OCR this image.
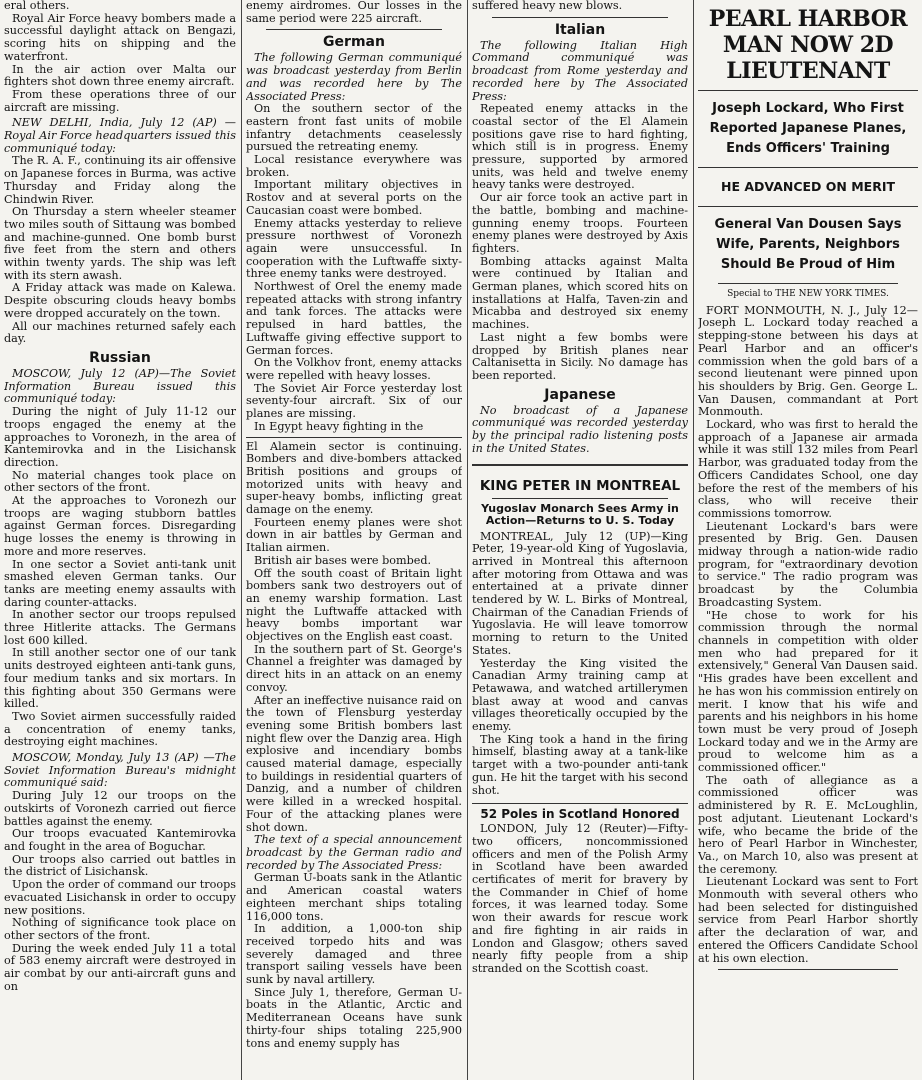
eral others.

Royal Air Force heavy bombers made a successful daylight attack on Bengazi, scoring hits on shipping and the waterfront.

In the air action over Malta our fighters shot down three enemy aircraft.

From these operations three of our aircraft are missing.

NEW DELHI, India, July 12 (AP) —Royal Air Force headquarters issued this communiqué today:

The R. A. F., continuing its air offensive on Japanese forces in Burma, was active Thursday and Friday along the Chindwin River.

On Thursday a stern wheeler steamer two miles south of Sittaung was bombed and machine-gunned. One bomb burst five feet from the stern and others within twenty yards. The ship was left with its stern awash.

A Friday attack was made on Kalewa. Despite obscuring clouds heavy bombs were dropped accurately on the town.

All our machines returned safely each day.

Russian

MOSCOW, July 12 (AP)—The Soviet Information Bureau issued this communiqué today:

During the night of July 11-12 our troops engaged the enemy at the approaches to Voronezh, in the area of Kantemirovka and in the Lisichansk direction.

No material changes took place on other sectors of the front.

At the approaches to Voronezh our troops are waging stubborn battles against German forces. Disregarding huge losses the enemy is throwing in more and more reserves.

In one sector a Soviet anti-tank unit smashed eleven German tanks. Our tanks are meeting enemy assaults with daring counter-attacks.

In another sector our troops repulsed three Hitlerite attacks. The Germans lost 600 killed.

In still another sector one of our tank units destroyed eighteen anti-tank guns, four medium tanks and six mortars. In this fighting about 350 Germans were killed.

Two Soviet airmen successfully raided a concentration of enemy tanks, destroying eight machines.

MOSCOW, Monday, July 13 (AP) —The Soviet Information Bureau's midnight communiqué said:

During July 12 our troops on the outskirts of Voronezh carried out fierce battles against the enemy.

Our troops evacuated Kantemirovka and fought in the area of Boguchar.

Our troops also carried out battles in the district of Lisichansk.

Upon the order of command our troops evacuated Lisichansk in order to occupy new positions.

Nothing of significance took place on other sectors of the front.

During the week ended July 11 a total of 583 enemy aircraft were destroyed in air combat by our anti-aircraft guns and on

enemy airdromes. Our losses in the same period were 225 aircraft.

German

The following German communiqué was broadcast yesterday from Berlin and was recorded here by The Associated Press:

On the southern sector of the eastern front fast units of mobile infantry detachments ceaselessly pursued the retreating enemy.

Local resistance everywhere was broken.

Important military objectives in Rostov and at several ports on the Caucasian coast were bombed.

Enemy attacks yesterday to relieve pressure northwest of Voronezh again were unsuccessful. In cooperation with the Luftwaffe sixty-three enemy tanks were destroyed.

Northwest of Orel the enemy made repeated attacks with strong infantry and tank forces. The attacks were repulsed in hard battles, the Luftwaffe giving effective support to German forces.

On the Volkhov front, enemy attacks were repelled with heavy losses.

The Soviet Air Force yesterday lost seventy-four aircraft. Six of our planes are missing.

In Egypt heavy fighting in the

El Alamein sector is continuing. Bombers and dive-bombers attacked British positions and groups of motorized units with heavy and super-heavy bombs, inflicting great damage on the enemy.

Fourteen enemy planes were shot down in air battles by German and Italian airmen.

British air bases were bombed.

Off the south coast of Britain light bombers sank two destroyers out of an enemy warship formation. Last night the Luftwaffe attacked with heavy bombs important war objectives on the English east coast.

In the southern part of St. George's Channel a freighter was damaged by direct hits in an attack on an enemy convoy.

After an ineffective nuisance raid on the town of Flensburg yesterday evening some British bombers last night flew over the Danzig area. High explosive and incendiary bombs caused material damage, especially to buildings in residential quarters of Danzig, and a number of children were killed in a wrecked hospital. Four of the attacking planes were shot down.

The text of a special announcement broadcast by the German radio and recorded by The Associated Press:

German U-boats sank in the Atlantic and American coastal waters eighteen merchant ships totaling 116,000 tons.

In addition, a 1,000-ton ship received torpedo hits and was severely damaged and three transport sailing vessels have been sunk by naval artillery.

Since July 1, therefore, German U-boats in the Atlantic, Arctic and Mediterranean Oceans have sunk thirty-four ships totaling 225,900 tons and enemy supply has

suffered heavy new blows.

Italian

The following Italian High Command communiqué was broadcast from Rome yesterday and recorded here by The Associated Press:

Repeated enemy attacks in the coastal sector of the El Alamein positions gave rise to hard fighting, which still is in progress. Enemy pressure, supported by armored units, was held and twelve enemy heavy tanks were destroyed.

Our air force took an active part in the battle, bombing and machine-gunning enemy troops. Fourteen enemy planes were destroyed by Axis fighters.

Bombing attacks against Malta were continued by Italian and German planes, which scored hits on installations at Halfa, Taven-zin and Micabba and destroyed six enemy machines.

Last night a few bombs were dropped by British planes near Caltanisetta in Sicily. No damage has been reported.

Japanese

No broadcast of a Japanese communiqué was recorded yesterday by the principal radio listening posts in the United States.

KING PETER IN MONTREAL

Yugoslav Monarch Sees Army in Action—Returns to U. S. Today

MONTREAL, July 12 (UP)—King Peter, 19-year-old King of Yugoslavia, arrived in Montreal this afternoon after motoring from Ottawa and was entertained at a private dinner tendered by W. L. Birks of Montreal, Chairman of the Canadian Friends of Yugoslavia. He will leave tomorrow morning to return to the United States.

Yesterday the King visited the Canadian Army training camp at Petawawa, and watched artillerymen blast away at wood and canvas villages theoretically occupied by the enemy.

The King took a hand in the firing himself, blasting away at a tank-like target with a two-pounder anti-tank gun. He hit the target with his second shot.

52 Poles in Scotland Honored

LONDON, July 12 (Reuter)—Fifty-two officers, noncommissioned officers and men of the Polish Army in Scotland have been awarded certificates of merit for bravery by the Commander in Chief of home forces, it was learned today. Some won their awards for rescue work and fire fighting in air raids in London and Glasgow; others saved nearly fifty people from a ship stranded on the Scottish coast.

PEARL HARBOR MAN NOW 2D LIEUTENANT

Joseph Lockard, Who First Reported Japanese Planes, Ends Officers' Training

HE ADVANCED ON MERIT

General Van Dousen Says Wife, Parents, Neighbors Should Be Proud of Him

Special to THE NEW YORK TIMES.

FORT MONMOUTH, N. J., July 12—Joseph L. Lockard today reached a stepping-stone between his days at Pearl Harbor and an officer's commission when the gold bars of a second lieutenant were pinned upon his shoulders by Brig. Gen. George L. Van Dausen, commandant at Port Monmouth.

Lockard, who was first to herald the approach of a Japanese air armada while it was still 132 miles from Pearl Harbor, was graduated today from the Officers Candidates School, one day before the rest of the members of his class, who will receive their commissions tomorrow.

Lieutenant Lockard's bars were presented by Brig. Gen. Dausen midway through a nation-wide radio program, for "extraordinary devotion to service." The radio program was broadcast by the Columbia Broadcasting System.

"He chose to work for his commission through the normal channels in competition with older men who had prepared for it extensively," General Van Dausen said. "His grades have been excellent and he has won his commission entirely on merit. I know that his wife and parents and his neighbors in his home town must be very proud of Joseph Lockard today and we in the Army are proud to welcome him as a commissioned officer."

The oath of allegiance as a commissioned officer was administered by R. E. McLoughlin, post adjutant. Lieutenant Lockard's wife, who became the bride of the hero of Pearl Harbor in Winchester, Va., on March 10, also was present at the ceremony.

Lieutenant Lockard was sent to Fort Monmouth with several others who had been selected for distinguished service from Pearl Harbor shortly after the declaration of war, and entered the Officers Candidate School at his own election.
